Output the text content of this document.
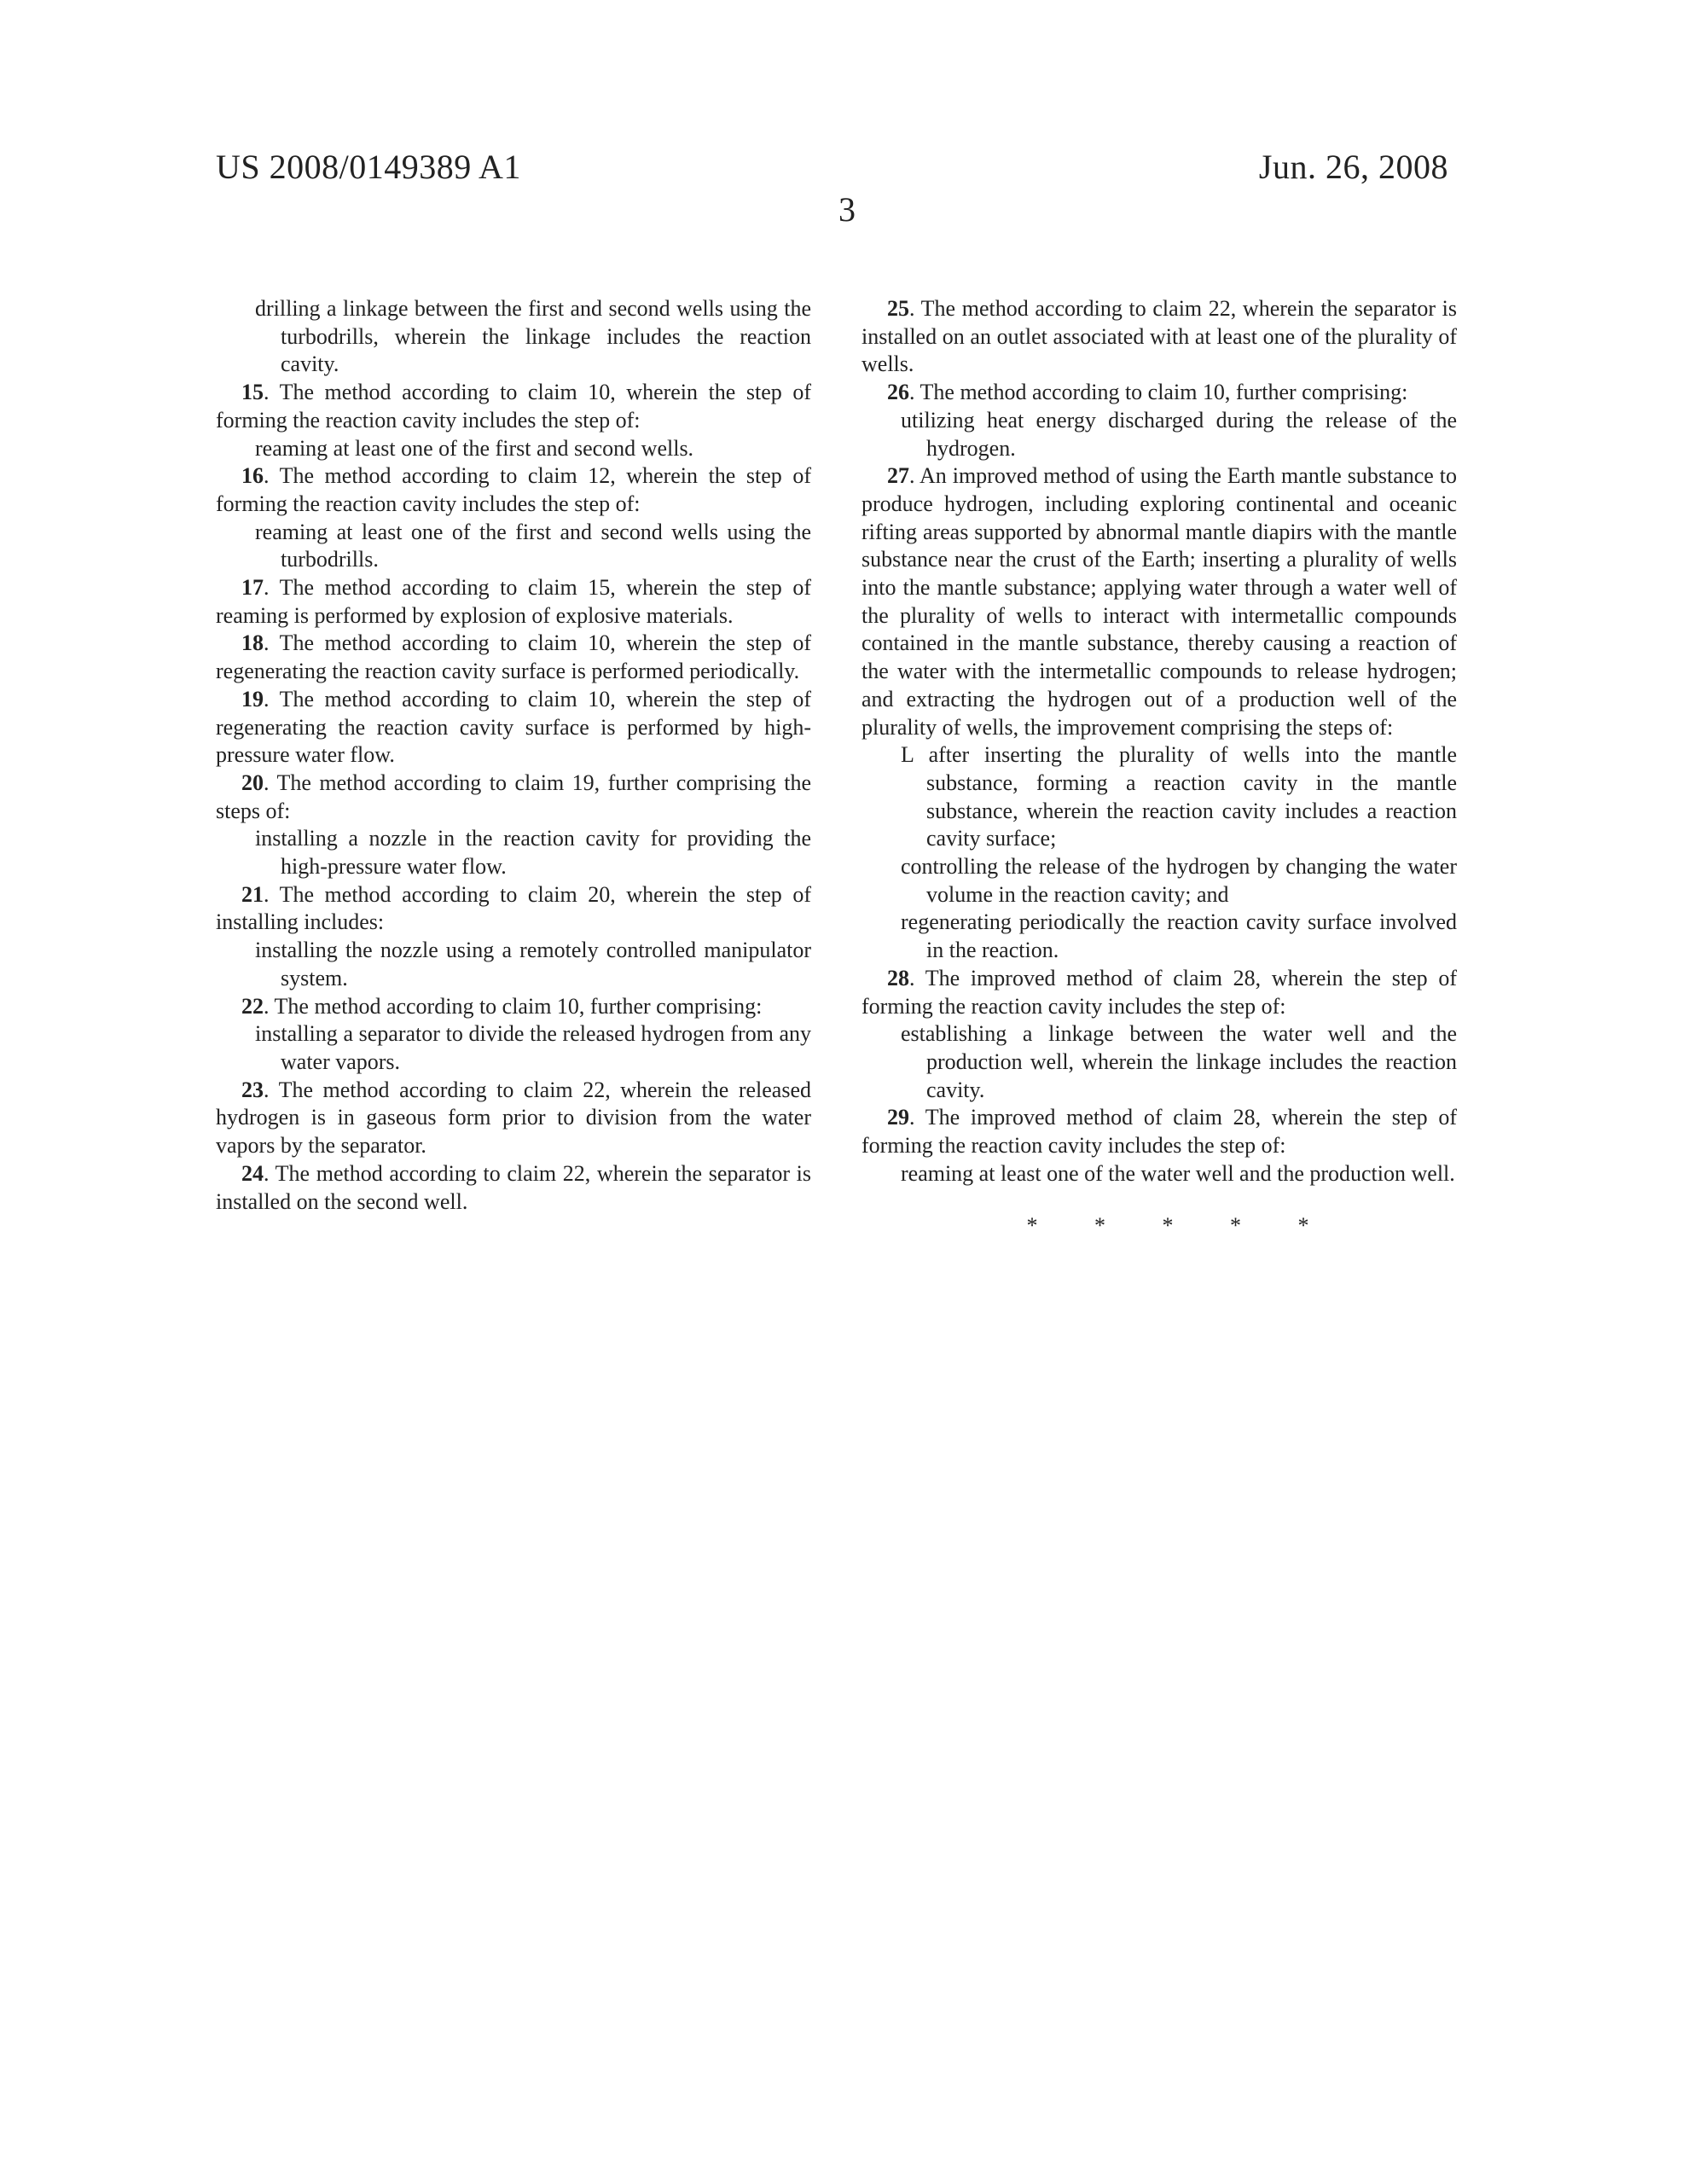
US 2008/0149389 A1	Jun. 26, 2008
3

drilling a linkage between the first and second wells using the turbodrills, wherein the linkage includes the reaction cavity.

15. The method according to claim 10, wherein the step of forming the reaction cavity includes the step of:

reaming at least one of the first and second wells.

16. The method according to claim 12, wherein the step of forming the reaction cavity includes the step of:

reaming at least one of the first and second wells using the turbodrills.

17. The method according to claim 15, wherein the step of reaming is performed by explosion of explosive materials.

18. The method according to claim 10, wherein the step of regenerating the reaction cavity surface is performed periodically.

19. The method according to claim 10, wherein the step of regenerating the reaction cavity surface is performed by high-pressure water flow.

20. The method according to claim 19, further comprising the steps of:

installing a nozzle in the reaction cavity for providing the high-pressure water flow.

21. The method according to claim 20, wherein the step of installing includes:

installing the nozzle using a remotely controlled manipulator system.

22. The method according to claim 10, further comprising:

installing a separator to divide the released hydrogen from any water vapors.

23. The method according to claim 22, wherein the released hydrogen is in gaseous form prior to division from the water vapors by the separator.

24. The method according to claim 22, wherein the separator is installed on the second well.

25. The method according to claim 22, wherein the separator is installed on an outlet associated with at least one of the plurality of wells.

26. The method according to claim 10, further comprising:

utilizing heat energy discharged during the release of the hydrogen.

27. An improved method of using the Earth mantle substance to produce hydrogen, including exploring continental and oceanic rifting areas supported by abnormal mantle diapirs with the mantle substance near the crust of the Earth; inserting a plurality of wells into the mantle substance; applying water through a water well of the plurality of wells to interact with intermetallic compounds contained in the mantle substance, thereby causing a reaction of the water with the intermetallic compounds to release hydrogen; and extracting the hydrogen out of a production well of the plurality of wells, the improvement comprising the steps of:

L after inserting the plurality of wells into the mantle substance, forming a reaction cavity in the mantle substance, wherein the reaction cavity includes a reaction cavity surface;

controlling the release of the hydrogen by changing the water volume in the reaction cavity; and

regenerating periodically the reaction cavity surface involved in the reaction.

28. The improved method of claim 28, wherein the step of forming the reaction cavity includes the step of:

establishing a linkage between the water well and the production well, wherein the linkage includes the reaction cavity.

29. The improved method of claim 28, wherein the step of forming the reaction cavity includes the step of:

reaming at least one of the water well and the production well.

* * * * *
